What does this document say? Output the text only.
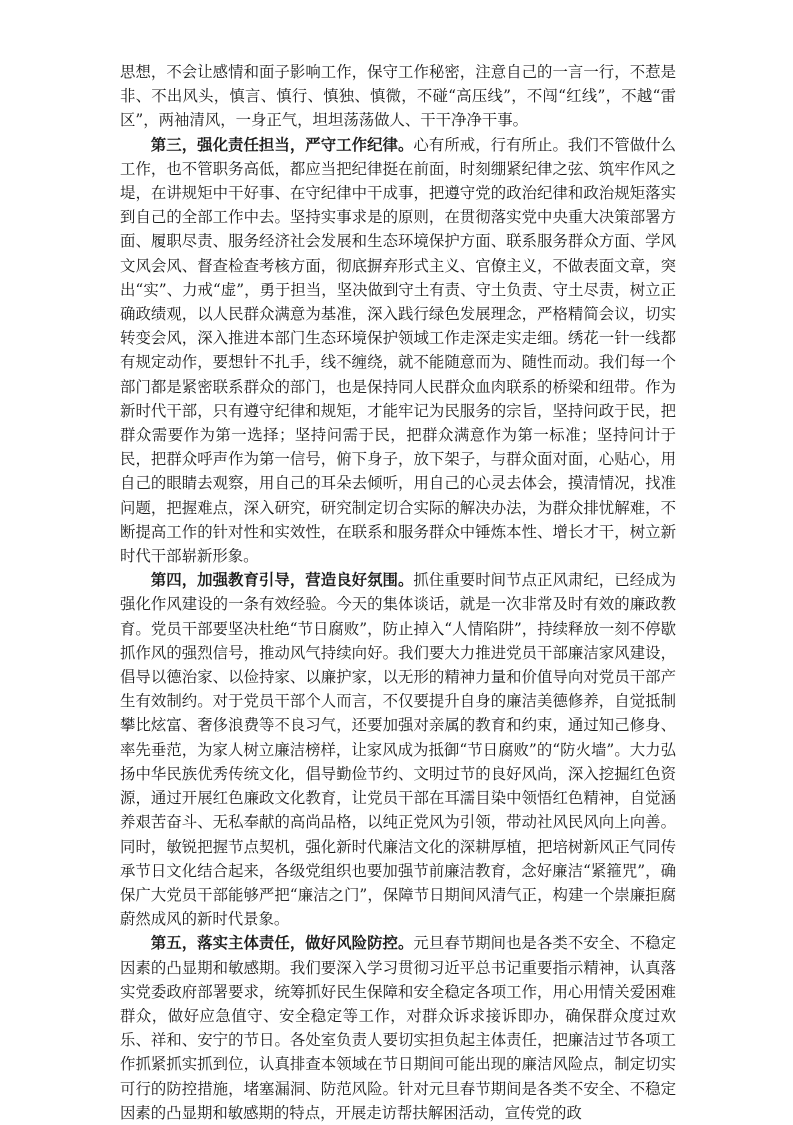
思想，不会让感情和面子影响工作，保守工作秘密，注意自己的一言一行，不惹是非、不出风头，慎言、慎行、慎独、慎微，不碰“高压线”，不闯“红线”，不越“雷区”，两袖清风，一身正气，坦坦荡荡做人、干干净净干事。

第三，强化责任担当，严守工作纪律。心有所戒，行有所止。我们不管做什么工作，也不管职务高低，都应当把纪律挺在前面，时刻绷紧纪律之弦、筑牢作风之堤，在讲规矩中干好事、在守纪律中干成事，把遵守党的政治纪律和政治规矩落实到自己的全部工作中去。坚持实事求是的原则，在贯彻落实党中央重大决策部署方面、履职尽责、服务经济社会发展和生态环境保护方面、联系服务群众方面、学风文风会风、督查检查考核方面，彻底摒弃形式主义、官僚主义，不做表面文章，突出“实”、力戒“虚”，勇于担当，坚决做到守土有责、守土负责、守土尽责，树立正确政绩观，以人民群众满意为基准，深入践行绿色发展理念，严格精简会议，切实转变会风，深入推进本部门生态环境保护领域工作走深走实走细。绣花一针一线都有规定动作，要想针不扎手，线不缠绕，就不能随意而为、随性而动。我们每一个部门都是紧密联系群众的部门，也是保持同人民群众血肉联系的桥梁和纽带。作为新时代干部，只有遵守纪律和规矩，才能牢记为民服务的宗旨，坚持问政于民，把群众需要作为第一选择；坚持问需于民，把群众满意作为第一标准；坚持问计于民，把群众呼声作为第一信号，俯下身子，放下架子，与群众面对面，心贴心，用自己的眼睛去观察，用自己的耳朵去倾听，用自己的心灵去体会，摸清情况，找准问题，把握难点，深入研究，研究制定切合实际的解决办法，为群众排忧解难，不断提高工作的针对性和实效性，在联系和服务群众中锤炼本性、增长才干，树立新时代干部崭新形象。

第四，加强教育引导，营造良好氛围。抓住重要时间节点正风肃纪，已经成为强化作风建设的一条有效经验。今天的集体谈话，就是一次非常及时有效的廉政教育。党员干部要坚决杜绝“节日腐败”，防止掉入“人情陷阱”，持续释放一刻不停歇抓作风的强烈信号，推动风气持续向好。我们要大力推进党员干部廉洁家风建设，倡导以德治家、以俭持家、以廉护家，以无形的精神力量和价值导向对党员干部产生有效制约。对于党员干部个人而言，不仅要提升自身的廉洁美德修养，自觉抵制攀比炫富、奢侈浪费等不良习气，还要加强对亲属的教育和约束，通过知己修身、率先垂范，为家人树立廉洁榜样，让家风成为抵御“节日腐败”的“防火墙”。大力弘扬中华民族优秀传统文化，倡导勤俭节约、文明过节的良好风尚，深入挖掘红色资源，通过开展红色廉政文化教育，让党员干部在耳濡目染中领悟红色精神，自觉涵养艰苦奋斗、无私奉献的高尚品格，以纯正党风为引领，带动社风民风向上向善。同时，敏锐把握节点契机，强化新时代廉洁文化的深耕厚植，把培树新风正气同传承节日文化结合起来，各级党组织也要加强节前廉洁教育，念好廉洁“紧箍咒”，确保广大党员干部能够严把“廉洁之门”，保障节日期间风清气正，构建一个崇廉拒腐蔚然成风的新时代景象。

第五，落实主体责任，做好风险防控。元旦春节期间也是各类不安全、不稳定因素的凸显期和敏感期。我们要深入学习贯彻习近平总书记重要指示精神，认真落实党委政府部署要求，统筹抓好民生保障和安全稳定各项工作，用心用情关爱困难群众，做好应急值守、安全稳定等工作，对群众诉求接诉即办，确保群众度过欢乐、祥和、安宁的节日。各处室负责人要切实担负起主体责任，把廉洁过节各项工作抓紧抓实抓到位，认真排查本领域在节日期间可能出现的廉洁风险点，制定切实可行的防控措施，堵塞漏洞、防范风险。针对元旦春节期间是各类不安全、不稳定因素的凸显期和敏感期的特点，开展走访帮扶解困活动，宣传党的政
